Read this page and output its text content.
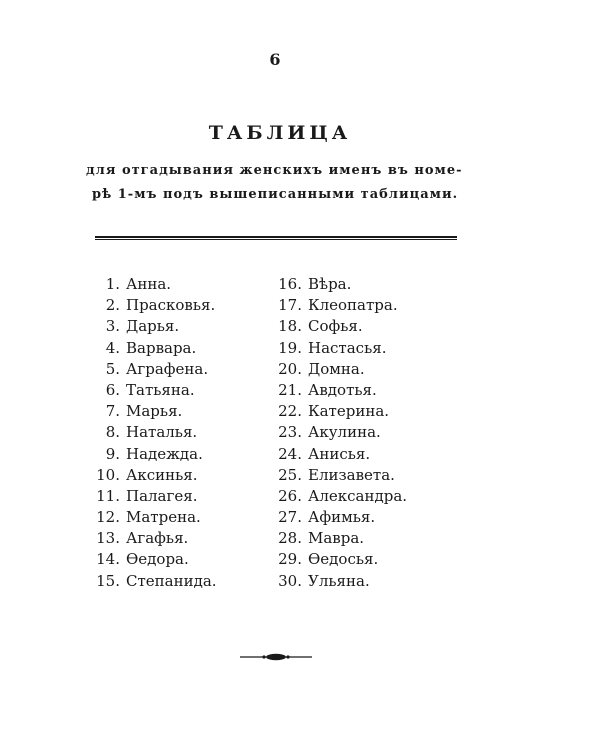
6
ТАБЛИЦА
для отгадывания женскихъ именъ въ номе-
рѣ 1-мъ подъ вышеписанными таблицами.
1. Анна.
2. Прасковья.
3. Дарья.
4. Варвара.
5. Аграфена.
6. Татьяна.
7. Марья.
8. Наталья.
9. Надежда.
10. Аксинья.
11. Палагея.
12. Матрена.
13. Агафья.
14. Ѳедора.
15. Степанида.
16. Вѣра.
17. Клеопатра.
18. Софья.
19. Настасья.
20. Домна.
21. Авдотья.
22. Катерина.
23. Акулина.
24. Анисья.
25. Елизавета.
26. Александра.
27. Афимья.
28. Мавра.
29. Ѳедосья.
30. Ульяна.
